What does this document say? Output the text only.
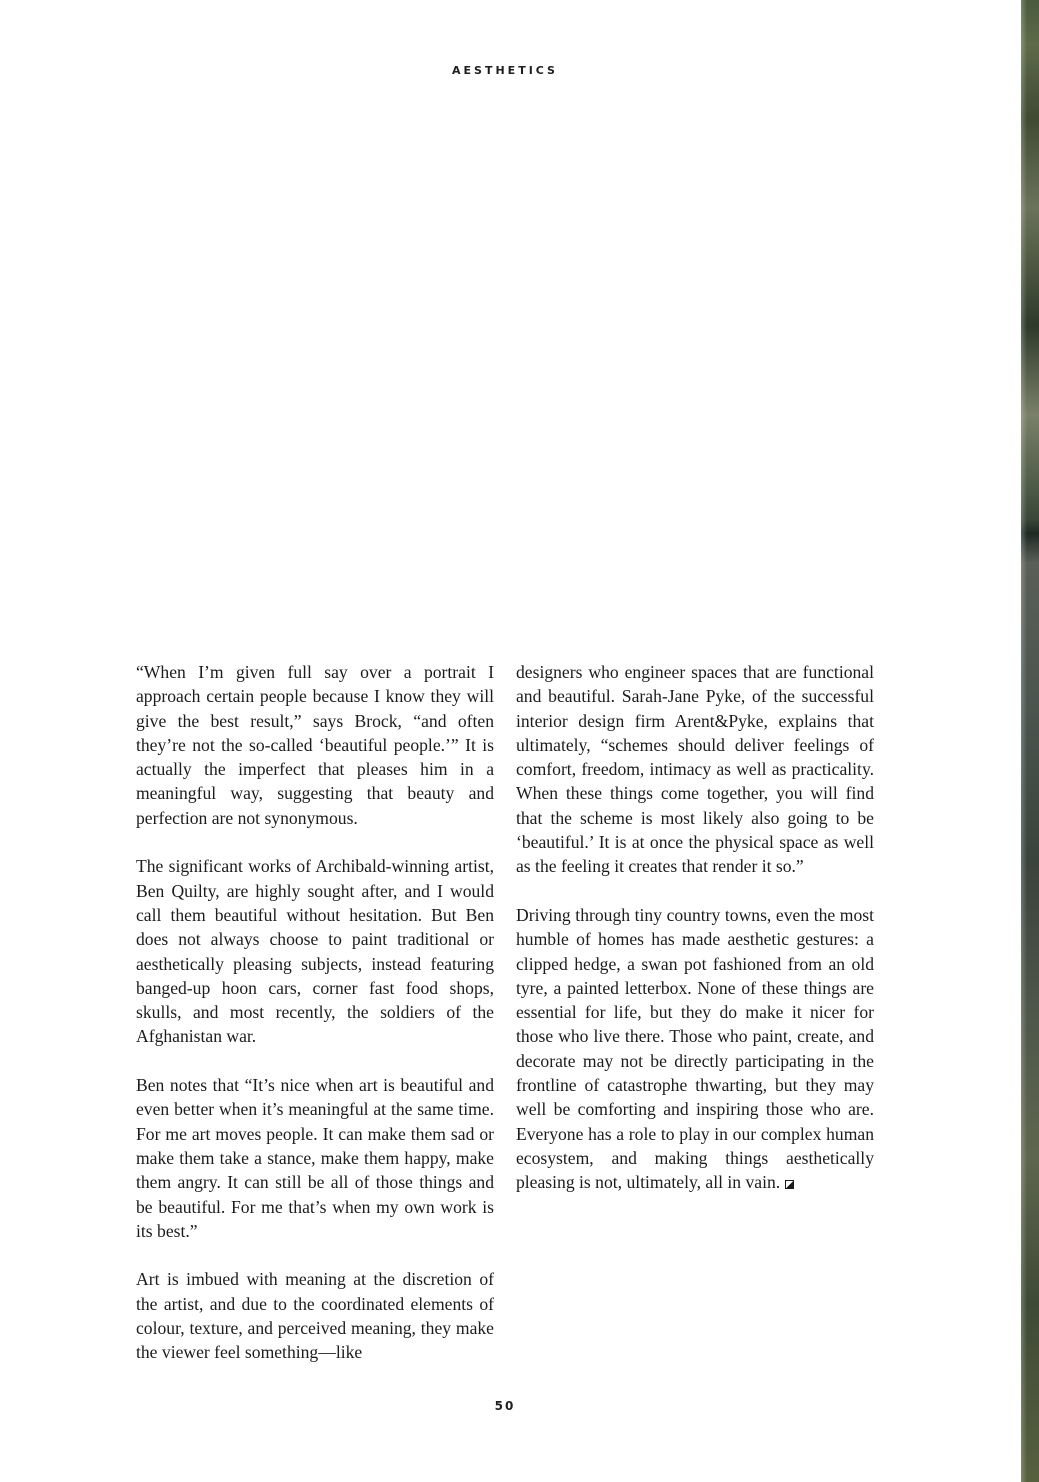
AESTHETICS

“When I’m given full say over a portrait I approach certain people because I know they will give the best result,” says Brock, “and often they’re not the so-called ‘beautiful people.’” It is actually the imperfect that pleases him in a meaningful way, suggesting that beauty and perfection are not synonymous.

The significant works of Archibald-winning artist, Ben Quilty, are highly sought after, and I would call them beautiful without hesitation. But Ben does not always choose to paint traditional or aesthetically pleasing subjects, instead featuring banged-up hoon cars, corner fast food shops, skulls, and most recently, the soldiers of the Afghanistan war.

Ben notes that “It’s nice when art is beautiful and even better when it’s meaningful at the same time. For me art moves people. It can make them sad or make them take a stance, make them happy, make them angry. It can still be all of those things and be beautiful. For me that’s when my own work is its best.”

Art is imbued with meaning at the discretion of the artist, and due to the coordinated elements of colour, texture, and perceived meaning, they make the viewer feel something—like

designers who engineer spaces that are functional and beautiful. Sarah-Jane Pyke, of the successful interior design firm Arent&Pyke, explains that ultimately, “schemes should deliver feelings of comfort, freedom, intimacy as well as practicality. When these things come together, you will find that the scheme is most likely also going to be ‘beautiful.’ It is at once the physical space as well as the feeling it creates that render it so.”

Driving through tiny country towns, even the most humble of homes has made aesthetic gestures: a clipped hedge, a swan pot fashioned from an old tyre, a painted letterbox. None of these things are essential for life, but they do make it nicer for those who live there. Those who paint, create, and decorate may not be directly participating in the frontline of catastrophe thwarting, but they may well be comforting and inspiring those who are. Everyone has a role to play in our complex human ecosystem, and making things aesthetically pleasing is not, ultimately, all in vain.

50
